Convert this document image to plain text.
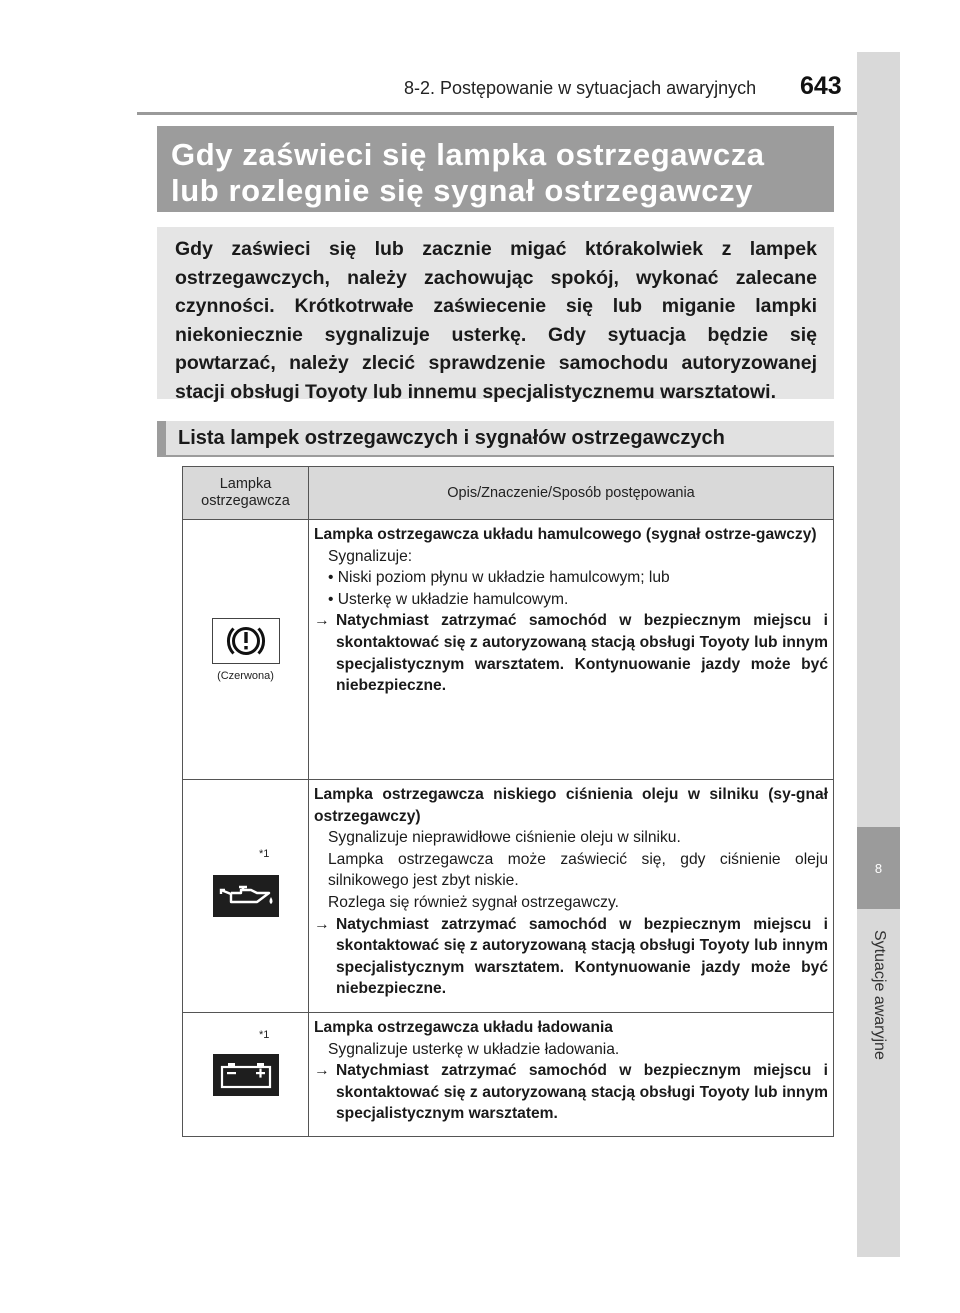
8
Sytuacje awaryjne
8-2. Postępowanie w sytuacjach awaryjnych 643
Gdy zaświeci się lampka ostrzegawcza lub rozlegnie się sygnał ostrzegawczy
Gdy zaświeci się lub zacznie migać którakolwiek z lampek ostrzegawczych, należy zachowując spokój, wykonać zalecane czynności. Krótkotrwałe zaświecenie się lub miganie lampki niekoniecznie sygnalizuje usterkę. Gdy sytuacja będzie się powtarzać, należy zlecić sprawdzenie samochodu autoryzowanej stacji obsługi Toyoty lub innemu specjalistycznemu warsztatowi.
Lista lampek ostrzegawczych i sygnałów ostrzegawczych
Lampka ostrzegawcza	Opis/Znaczenie/Sposób postępowania

(Czerwona)	Lampka ostrzegawcza układu hamulcowego (sygnał ostrze-gawczy)
Sygnalizuje:
• Niski poziom płynu w układzie hamulcowym; lub
• Usterkę w układzie hamulcowym.
→ Natychmiast zatrzymać samochód w bezpiecznym miejscu i skontaktować się z autoryzowaną stacją obsługi Toyoty lub innym specjalistycznym warsztatem. Kontynuowanie jazdy może być niebezpieczne.

*1	Lampka ostrzegawcza niskiego ciśnienia oleju w silniku (sy-gnał ostrzegawczy)
Sygnalizuje nieprawidłowe ciśnienie oleju w silniku.
Lampka ostrzegawcza może zaświecić się, gdy ciśnienie oleju silnikowego jest zbyt niskie.
Rozlega się również sygnał ostrzegawczy.
→ Natychmiast zatrzymać samochód w bezpiecznym miejscu i skontaktować się z autoryzowaną stacją obsługi Toyoty lub innym specjalistycznym warsztatem. Kontynuowanie jazdy może być niebezpieczne.

*1	Lampka ostrzegawcza układu ładowania
Sygnalizuje usterkę w układzie ładowania.
→ Natychmiast zatrzymać samochód w bezpiecznym miejscu i skontaktować się z autoryzowaną stacją obsługi Toyoty lub innym specjalistycznym warsztatem.
